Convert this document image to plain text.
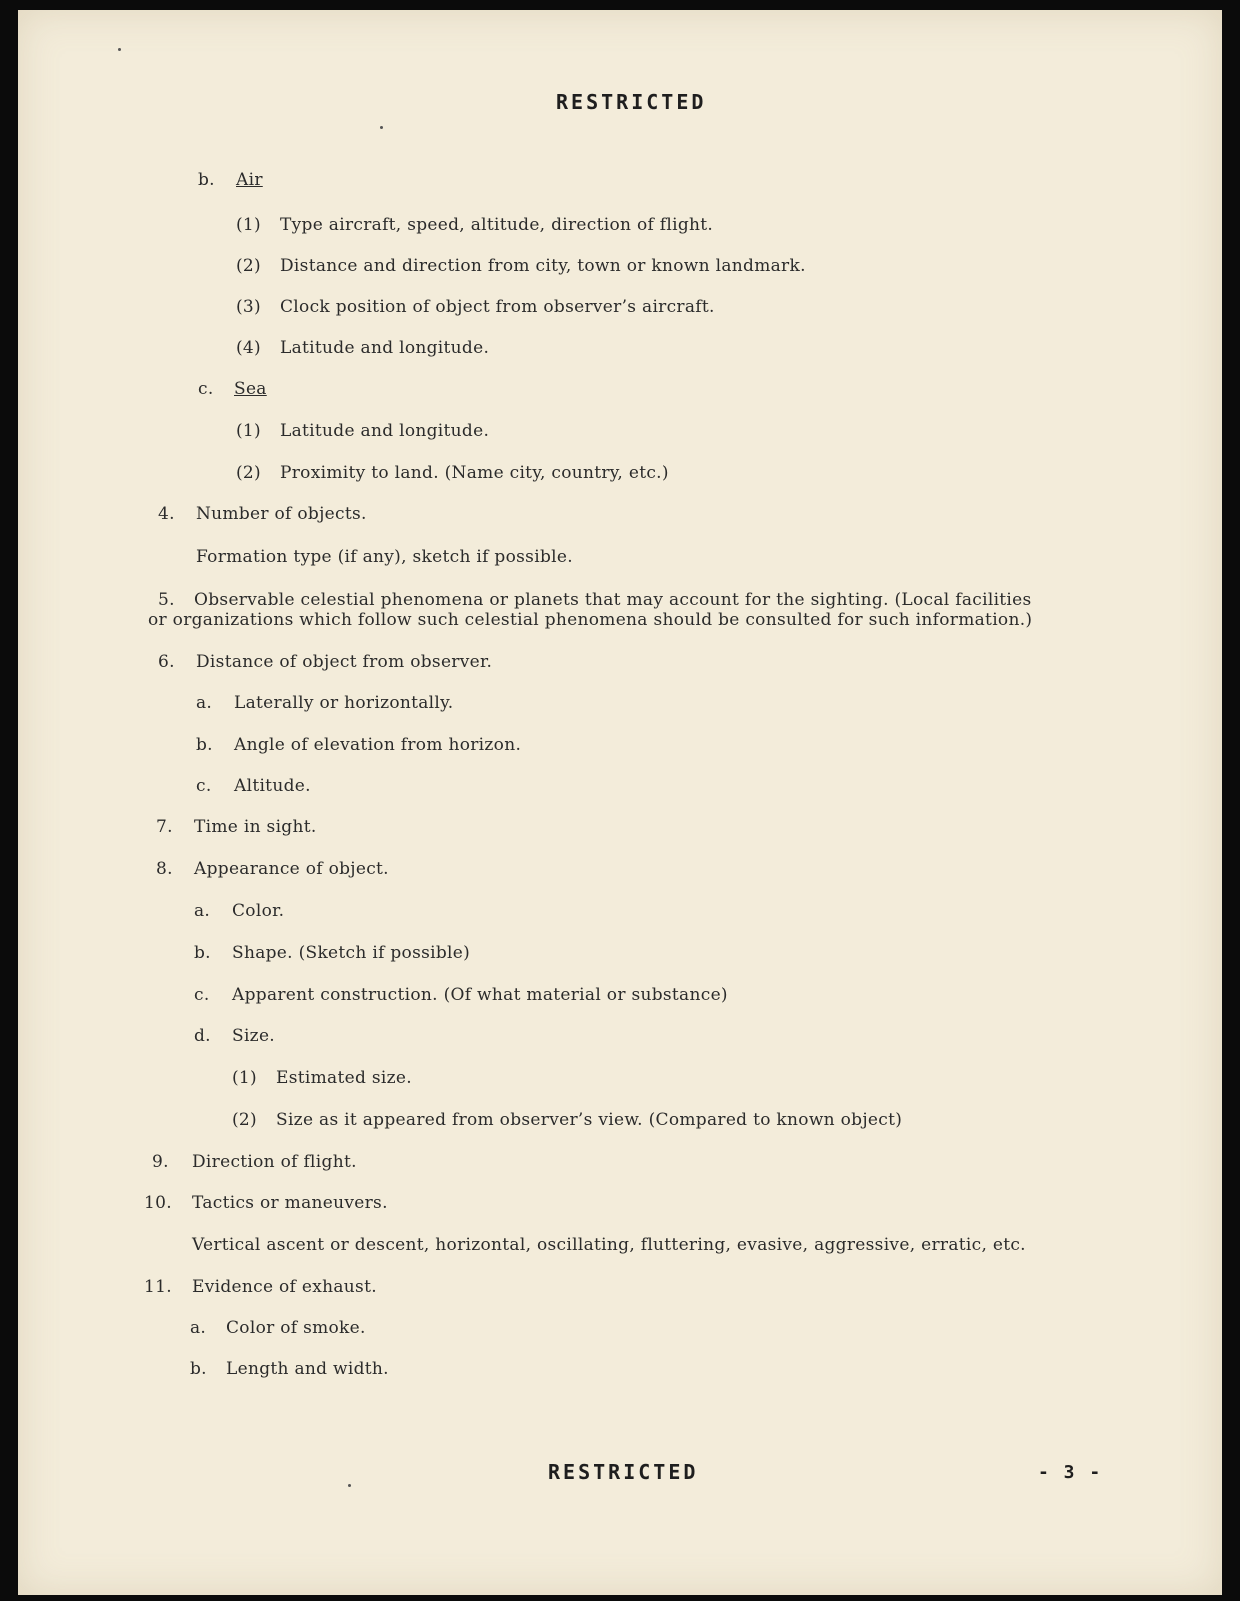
RESTRICTED
b. Air
(1) Type aircraft, speed, altitude, direction of flight.
(2) Distance and direction from city, town or known landmark.
(3) Clock position of object from observer’s aircraft.
(4) Latitude and longitude.
c. Sea
(1) Latitude and longitude.
(2) Proximity to land. (Name city, country, etc.)
4. Number of objects.
Formation type (if any), sketch if possible.
5. Observable celestial phenomena or planets that may account for the sighting. (Local facilities
or organizations which follow such celestial phenomena should be consulted for such information.)
6. Distance of object from observer.
a. Laterally or horizontally.
b. Angle of elevation from horizon.
c. Altitude.
7. Time in sight.
8. Appearance of object.
a. Color.
b. Shape. (Sketch if possible)
c. Apparent construction. (Of what material or substance)
d. Size.
(1) Estimated size.
(2) Size as it appeared from observer’s view. (Compared to known object)
9. Direction of flight.
10. Tactics or maneuvers.
Vertical ascent or descent, horizontal, oscillating, fluttering, evasive, aggressive, erratic, etc.
11. Evidence of exhaust.
a. Color of smoke.
b. Length and width.
RESTRICTED	- 3 -
